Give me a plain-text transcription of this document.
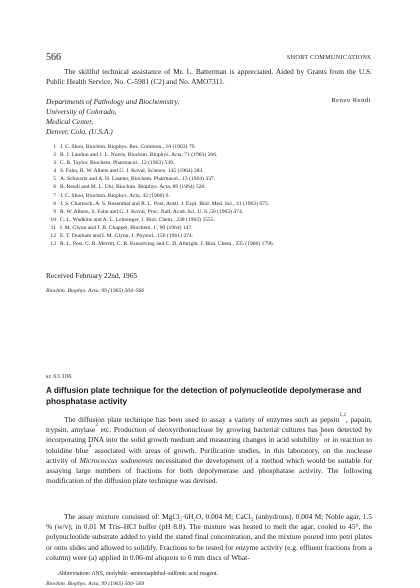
566	SHORT COMMUNICATIONS
The skillful technical assistance of Mr. L. Batterman is appreciated. Aided by Grants from the U.S. Public Health Service, No. C-5981 (C2) and No. AMO7311.
Departments of Pathology and Biochemistry,
University of Colorado,
Medical Center,
Denver, Colo. (U.S.A.)
Renzo Rendi
1 J. C. Skou, Biochim. Biophys. Res. Commun., 10 (1963) 79.
2 R. J. Landon and J. L. Norris, Biochim. Biophys. Acta, 71 (1963) 266.
3 C. B. Taylor, Biochem. Pharmacol., 12 (1963) 539.
4 S. Fahn, R. W. Albers and G. J. Koval, Science, 145 (1964) 283.
5 A. Schwartz and A. H. Laseter, Biochem. Pharmacol., 13 (1964) 337.
6 R. Rendi and M. L. Uhr, Biochim. Biophys. Acta, 89 (1964) 520.
7 J. C. Skou, Biochim. Biophys. Acta, 42 (1960) 6.
8 J. S. Charnock, A. S. Rosenthal and R. L. Post, Austr. J. Expl. Biol. Med. Sci., 41 (1963) 675.
9 R. W. Albers, S. Fahn and G. J. Koval, Proc. Natl. Acad. Sci. U. S.,50 (1963) 474.
10 C. L. Wadkins and A. L. Lehninger, J. Biol. Chem., 238 (1963) 2555.
11 I. M. Glynn and J. B. Chappel, Biochem. J., 90 (1964) 147.
12 E. T. Dunham and I. M. Glynn, J. Physiol., 156 (1961) 274.
13 R. L. Post, C. R. Merritt, C. R. Kinsolving and C. D. Albright, J. Biol. Chem., 235 (1960) 1796.
Received February 22nd, 1965
Biochim. Biophys. Acta, 99 (1965) 564–566
sc 63 106
A diffusion plate technique for the detection of polynucleotide depolymerase and phosphatase activity

The diffusion plate technique has been used to assay a variety of enzymes such as pepsin$^{1,2}$, papain, trypsin, amylase$^2$ etc. Production of deoxyribonuclease by growing bacterial cultures has been detected by incorporating DNA into the solid growth medium and measuring changes in acid solubility$^3$ or in reaction to toluidine blue$^4$ associated with areas of growth. Purification studies, in this laboratory, on the nuclease activity of Micrococcus sodonensis necessitated the development of a method which would be suitable for assaying large numbers of fractions for both depolymerase and phosphatase activity. The following modification of the diffusion plate technique was devised.

The assay mixture consisted of: MgCl₂·6H₂O, 0.004 M; CaCl₂ (anhydrous), 0.004 M; Noble agar, 1.5 % (w/v); in 0.01 M Tris–HCl buffer (pH 8.8). The mixture was heated to melt the agar, cooled to 45°, the polynucleotide substrate added to yield the stated final concentration, and the mixture poured into petri plates or onto slides and allowed to solidify. Fractions to be tested for enzyme activity (e.g. effluent fractions from a column) were (a) applied in 0.06-ml aliquots to 6 mm discs of What-

Abbreviation: ANS, molybdic–aminonaphthol–sulfonic acid reagent.
Biochim. Biophys. Acta, 99 (1965) 566–569
